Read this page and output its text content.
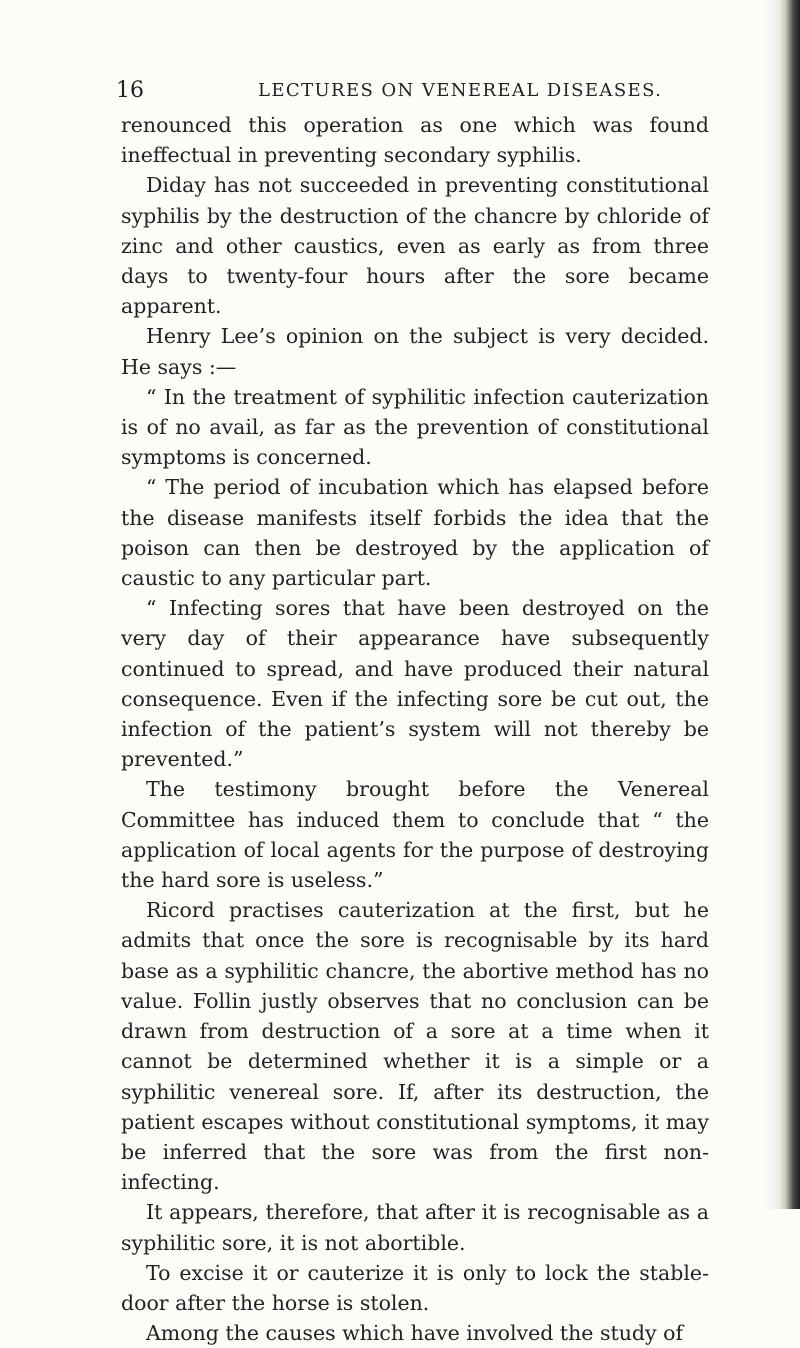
16	LECTURES ON VENEREAL DISEASES.

renounced this operation as one which was found ineffectual in preventing secondary syphilis.

Diday has not succeeded in preventing constitutional syphilis by the destruction of the chancre by chloride of zinc and other caustics, even as early as from three days to twenty-four hours after the sore became apparent.

Henry Lee’s opinion on the subject is very decided. He says :—

“ In the treatment of syphilitic infection cauterization is of no avail, as far as the prevention of constitutional symptoms is concerned.

“ The period of incubation which has elapsed before the disease manifests itself forbids the idea that the poison can then be destroyed by the application of caustic to any particular part.

“ Infecting sores that have been destroyed on the very day of their appearance have subsequently continued to spread, and have produced their natural consequence. Even if the infecting sore be cut out, the infection of the patient’s system will not thereby be prevented.”

The testimony brought before the Venereal Committee has induced them to conclude that “ the application of local agents for the purpose of destroying the hard sore is useless.”

Ricord practises cauterization at the first, but he admits that once the sore is recognisable by its hard base as a syphilitic chancre, the abortive method has no value. Follin justly observes that no conclusion can be drawn from destruction of a sore at a time when it cannot be determined whether it is a simple or a syphilitic venereal sore. If, after its destruction, the patient escapes without constitutional symptoms, it may be inferred that the sore was from the first non-infecting.

It appears, therefore, that after it is recognisable as a syphilitic sore, it is not abortible.

To excise it or cauterize it is only to lock the stable-door after the horse is stolen.

Among the causes which have involved the study of
